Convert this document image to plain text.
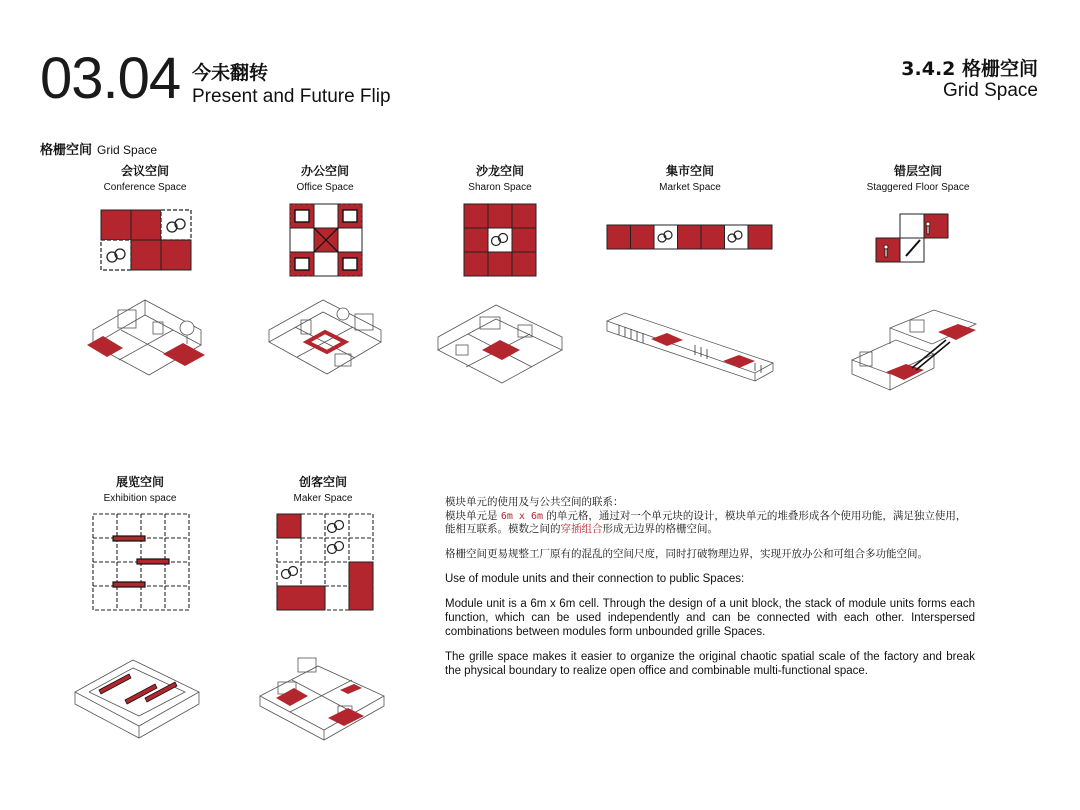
03.04 今未翻转
Present and Future Flip
3.4.2 格栅空间
Grid Space
格栅空间 Grid Space
会议空间
Conference Space
办公空间
Office Space
沙龙空间
Sharon Space
集市空间
Market Space
错层空间
Staggered Floor Space
展览空间
Exhibition space
创客空间
Maker Space	模块单元的使用及与公共空间的联系：
模块单元是 6m x 6m 的单元格，通过对一个单元块的设计，模块单元的堆叠形成各个使用功能，满足独立使用，能相互联系。模数之间的穿插组合形成无边界的格栅空间。

格栅空间更易规整工厂原有的混乱的空间尺度，同时打破物理边界，实现开放办公和可组合多功能空间。

Use of module units and their connection to public Spaces:

Module unit is a 6m x 6m cell. Through the design of a unit block, the stack of module units forms each function, which can be used independently and can be connected with each other. Interspersed combinations between modules form unbounded grille Spaces.

The grille space makes it easier to organize the original chaotic spatial scale of the factory and break the physical boundary to realize open office and combinable multi-functional space.
